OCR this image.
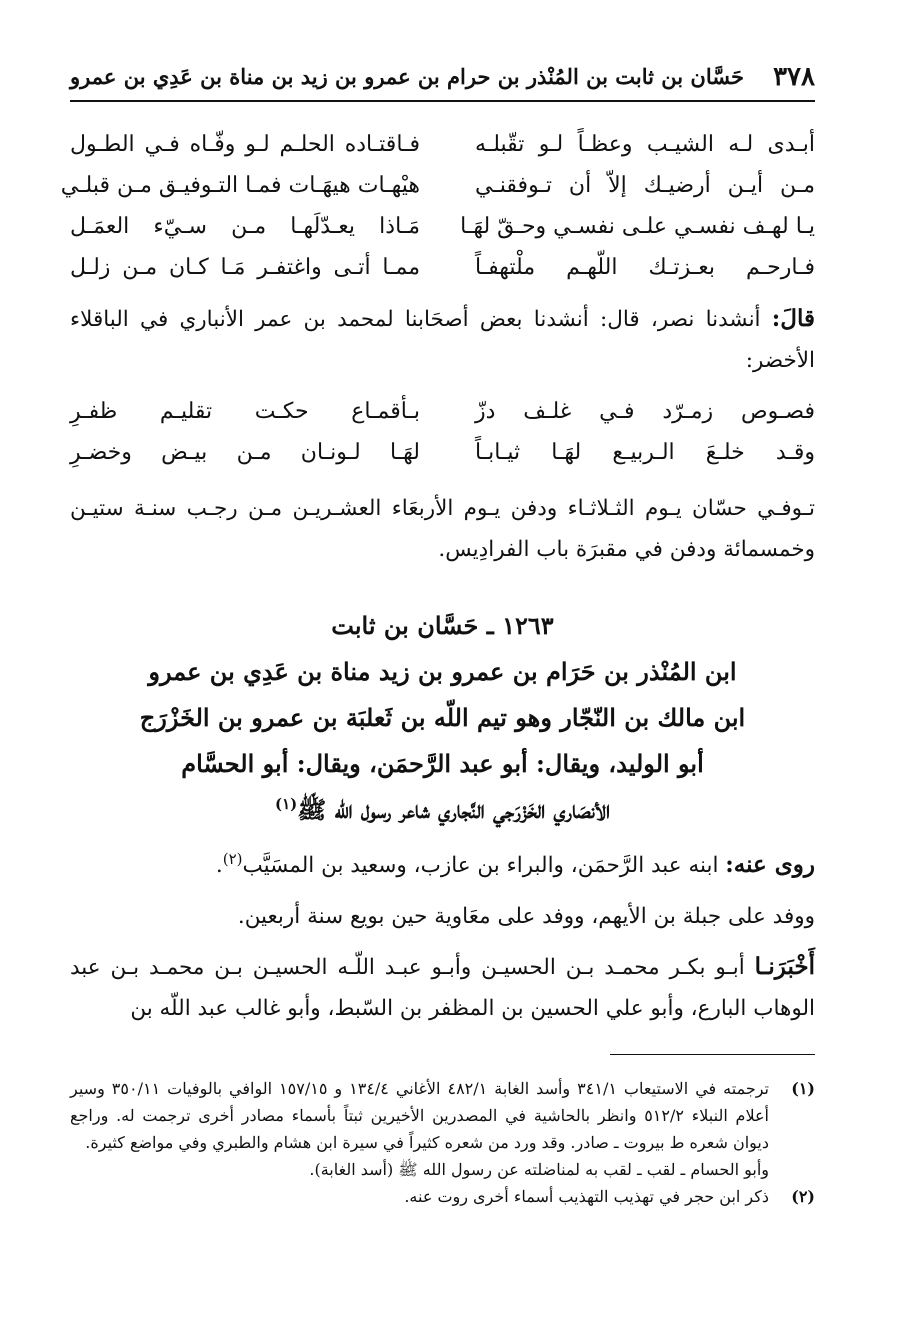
٣٧٨
حَسَّان بن ثابت بن المُنْذر بن حرام بن عمرو بن زيد بن مناة بن عَدِي بن عمرو
أبـدى لـه الشيـب وعظـاً لـو تقّبلـه
فـاقتـاده الحلـم لـو وفّـاه فـي الطـول
مـن أيـن أرضيـك إلاّ أن تـوفقنـي
هيْهـات هيهَـات فمـا التـوفيـق مـن قبلـي
يـا لهـف نفسـي علـى نفسـي وحـقّ لهَـا
مَـاذا يعـدّلَهـا مـن سـيّء العمَـل
فـارحـم بعـزتـك اللّهـم ملْتهفـاً
ممـا أتـى واغتفـر مَـا كـان مـن زلـل
قالَ: أنشدنا نصر، قال: أنشدنا بعض أصحَابنا لمحمد بن عمر الأنباري في الباقلاء الأخضر:
فصـوص زمـرّد فـي غلـف دزّ
بـأقمـاع حكـت تقليـم ظفـرِ
وقـد خلـعَ الـربيـع لهَـا ثيـابـاً
لهَـا لـونـان مـن بيـض وخضـرِ
تـوفـي حسّان يـوم الثـلاثـاء ودفن يـوم الأربعَاء العشـريـن مـن رجـب سنـة ستيـن وخمسمائة ودفن في مقبرَة باب الفرادِيس.
١٢٦٣ ـ حَسَّان بن ثابت
ابن المُنْذر بن حَرَام بن عمرو بن زيد مناة بن عَدِي بن عمرو
ابن مالك بن النّجّار وهو تيم اللّه بن ثَعلبَة بن عمرو بن الخَزْرَج
أبو الوليد، ويقال: أبو عبد الرَّحمَن، ويقال: أبو الحسَّام
الأنصَاري الخَزْرَجي النَّجاري شاعر رسول الله ﷺ$^{(١)}$
روى عنه: ابنه عبد الرَّحمَن، والبراء بن عازب، وسعيد بن المسَيَّب$^{(٢)}$.
ووفد على جبلة بن الأيهم، ووفد على معَاوية حين بويع سنة أربعين.
أَخْبَرَنـا أبـو بكـر محمـد بـن الحسيـن وأبـو عبـد اللّـه الحسيـن بـن محمـد بـن عبد الوهاب البارع، وأبو علي الحسين بن المظفر بن السّبط، وأبو غالب عبد اللّه بن
(١)
ترجمته في الاستيعاب ٣٤١/١ وأسد الغابة ٤٨٢/١ الأغاني ١٣٤/٤ و ١٥٧/١٥ الوافي بالوفيات ٣٥٠/١١ وسير أعلام النبلاء ٥١٢/٢ وانظر بالحاشية في المصدرين الأخيرين ثبتاً بأسماء مصادر أخرى ترجمت له. وراجع ديوان شعره ط بيروت ـ صادر. وقد ورد من شعره كثيراً في سيرة ابن هشام والطبري وفي مواضع كثيرة.
وأبو الحسام ـ لقب ـ لقب به لمناضلته عن رسول الله ﷺ (أسد الغابة).
(٢)
ذكر ابن حجر في تهذيب التهذيب أسماء أخرى روت عنه.
